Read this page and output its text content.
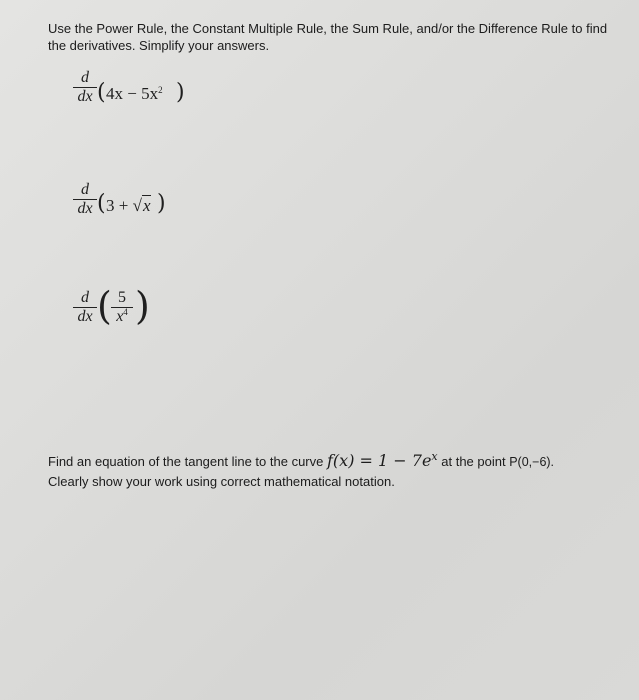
Use the Power Rule, the Constant Multiple Rule, the Sum Rule, and/or the Difference Rule to find the derivatives. Simplify your answers.
d
dx ( $4x - 5x^2$ )
d
dx ( 3 + √x )
d
dx ( 5
$x^4$ )
Find an equation of the tangent line to the curve $f(x) = 1 - 7e^x$ at the point P(0,−6).
Clearly show your work using correct mathematical notation.
